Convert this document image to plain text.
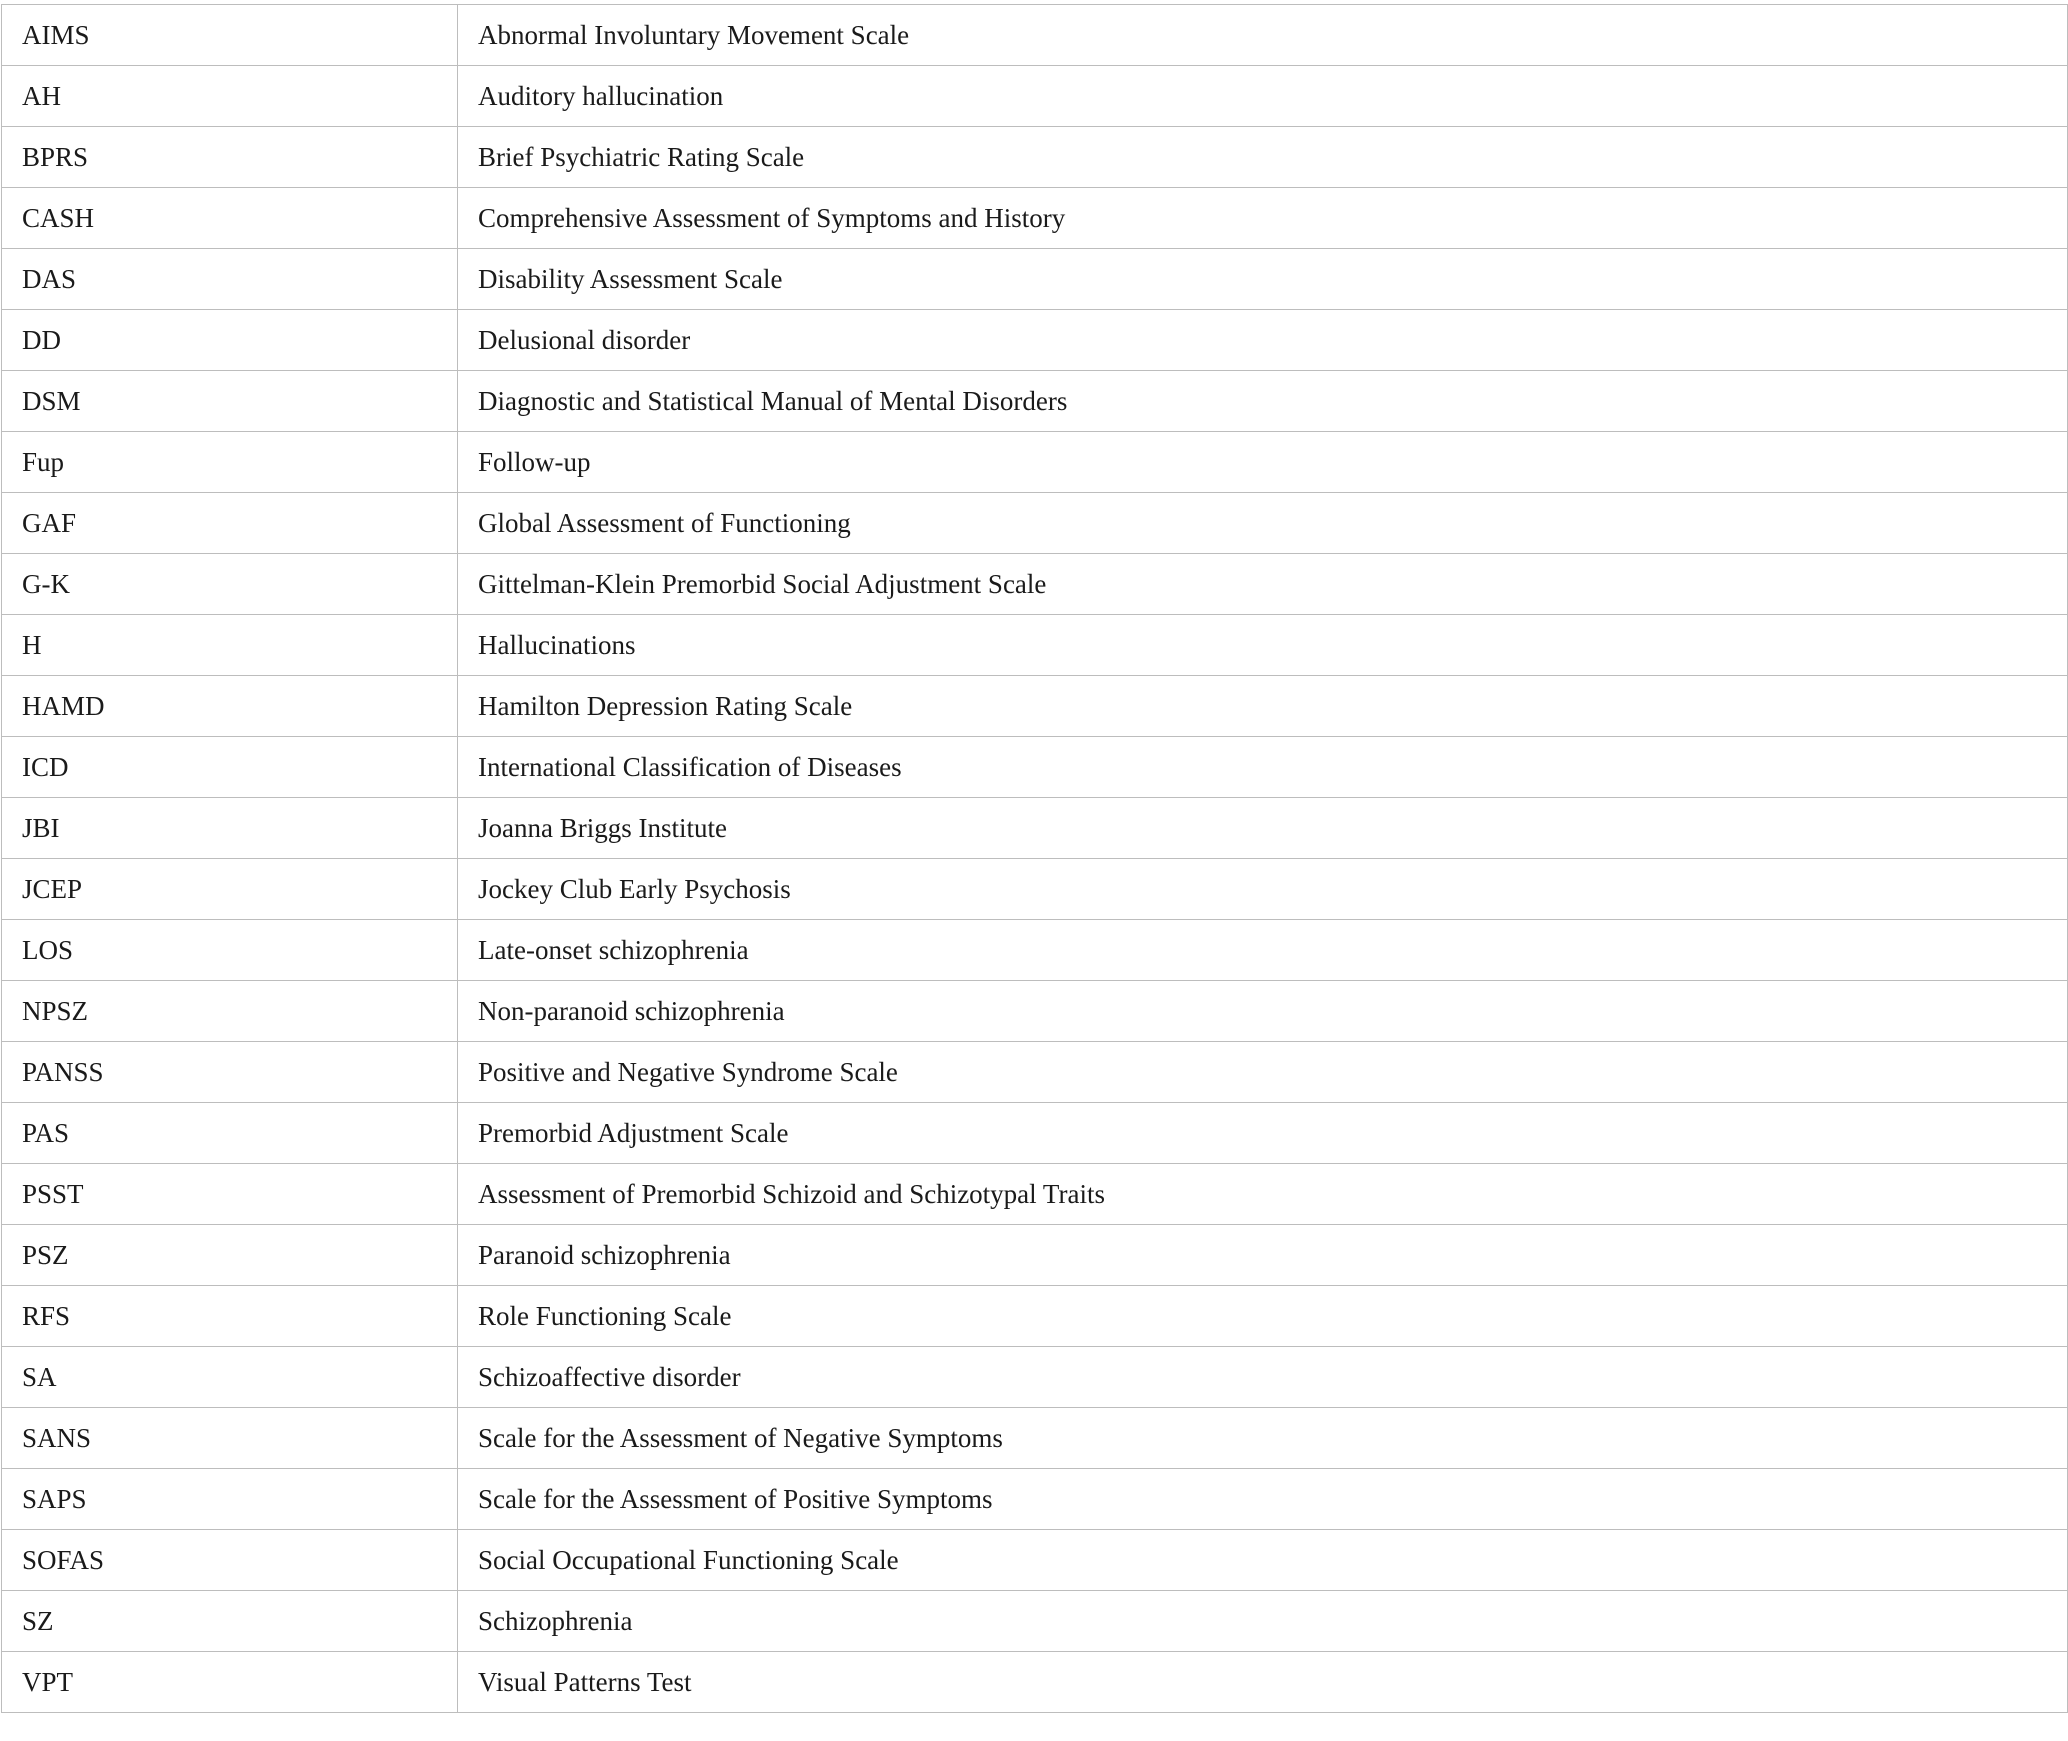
AIMS	Abnormal Involuntary Movement Scale
AH	Auditory hallucination
BPRS	Brief Psychiatric Rating Scale
CASH	Comprehensive Assessment of Symptoms and History
DAS	Disability Assessment Scale
DD	Delusional disorder
DSM	Diagnostic and Statistical Manual of Mental Disorders
Fup	Follow-up
GAF	Global Assessment of Functioning
G-K	Gittelman-Klein Premorbid Social Adjustment Scale
H	Hallucinations
HAMD	Hamilton Depression Rating Scale
ICD	International Classification of Diseases
JBI	Joanna Briggs Institute
JCEP	Jockey Club Early Psychosis
LOS	Late-onset schizophrenia
NPSZ	Non-paranoid schizophrenia
PANSS	Positive and Negative Syndrome Scale
PAS	Premorbid Adjustment Scale
PSST	Assessment of Premorbid Schizoid and Schizotypal Traits
PSZ	Paranoid schizophrenia
RFS	Role Functioning Scale
SA	Schizoaffective disorder
SANS	Scale for the Assessment of Negative Symptoms
SAPS	Scale for the Assessment of Positive Symptoms
SOFAS	Social Occupational Functioning Scale
SZ	Schizophrenia
VPT	Visual Patterns Test
